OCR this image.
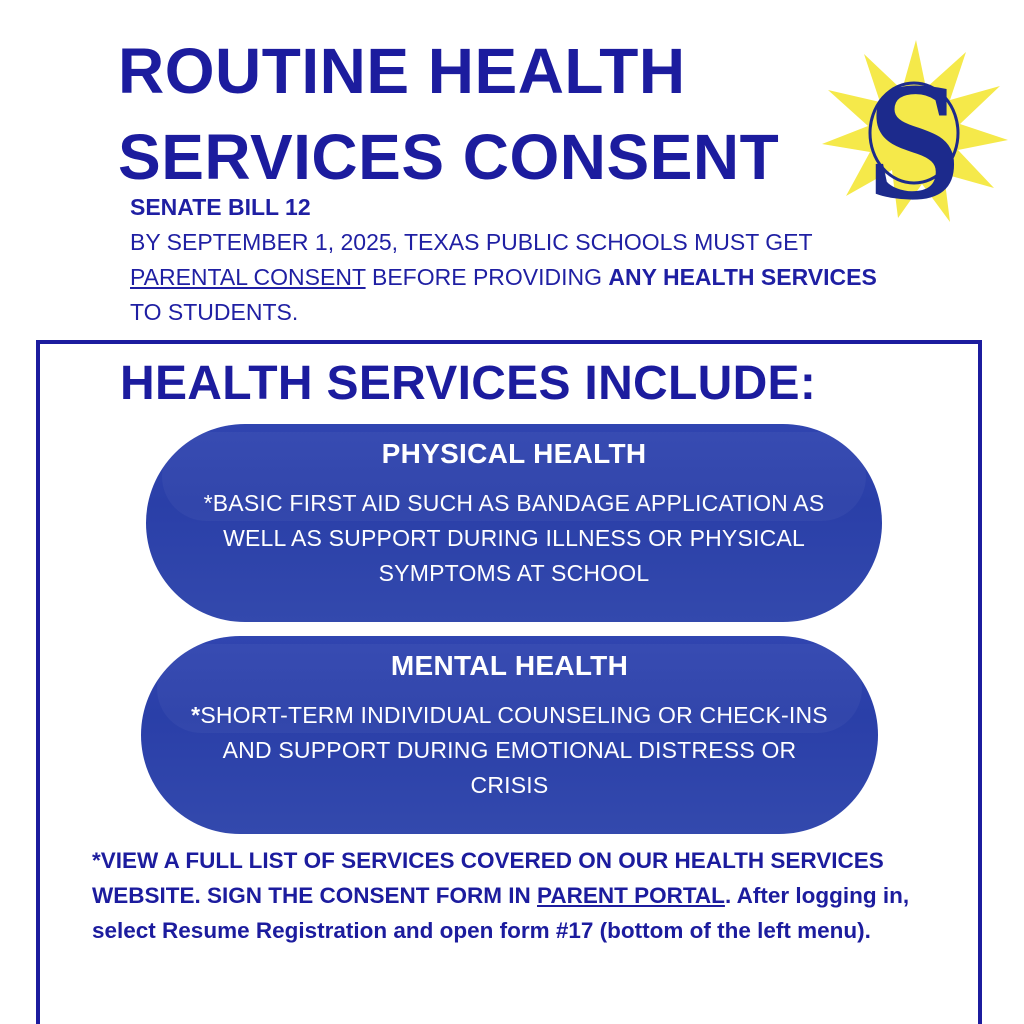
ROUTINE HEALTH
SERVICES CONSENT S
SENATE BILL 12
BY SEPTEMBER 1, 2025, TEXAS PUBLIC SCHOOLS MUST GET PARENTAL CONSENT BEFORE PROVIDING ANY HEALTH SERVICES TO STUDENTS.
HEALTH SERVICES INCLUDE:
PHYSICAL HEALTH

*BASIC FIRST AID SUCH AS BANDAGE APPLICATION AS WELL AS SUPPORT DURING ILLNESS OR PHYSICAL SYMPTOMS AT SCHOOL

MENTAL HEALTH

*SHORT-TERM INDIVIDUAL COUNSELING OR CHECK-INS AND SUPPORT DURING EMOTIONAL DISTRESS OR CRISIS

*VIEW A FULL LIST OF SERVICES COVERED ON OUR HEALTH SERVICES WEBSITE. SIGN THE CONSENT FORM IN PARENT PORTAL. After logging in, select Resume Registration and open form #17 (bottom of the left menu).
